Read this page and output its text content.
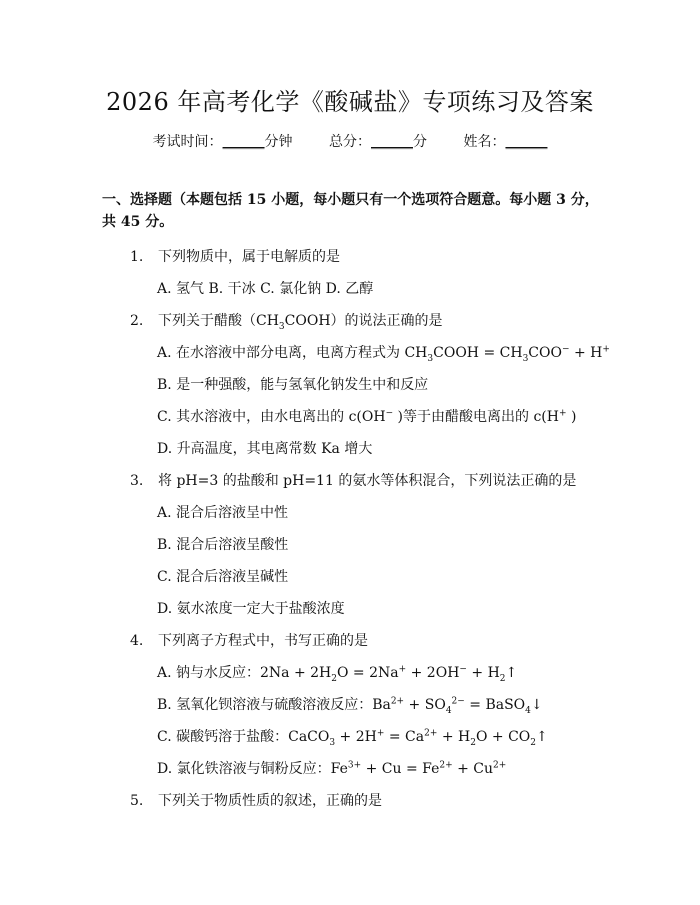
2026 年高考化学《酸碱盐》专项练习及答案
考试时间：______分钟	总分：______分	姓名：______
一、选择题（本题包括 15 小题，每小题只有一个选项符合题意。每小题 3 分，共 45 分。
1. 下列物质中，属于电解质的是
A. 氢气 B. 干冰 C. 氯化钠 D. 乙醇
2. 下列关于醋酸$(CH_3COOH)$的说法正确的是
A. 在水溶液中部分电离，电离方程式为 $CH_3COOH = CH_3COO^- + H^+$
B. 是一种强酸，能与氢氧化钠发生中和反应
C. 其水溶液中，由水电离出的 c(OH− )等于由醋酸电离出的 c(H+ )
D. 升高温度，其电离常数 Ka 增大
3. 将 pH=3 的盐酸和 pH=11 的氨水等体积混合，下列说法正确的是
A. 混合后溶液呈中性
B. 混合后溶液呈酸性
C. 混合后溶液呈碱性
D. 氨水浓度一定大于盐酸浓度
4. 下列离子方程式中，书写正确的是
A. 钠与水反应：$2Na + 2H_2O = 2Na^+ + 2OH^-$ + $H_2↑$
B. 氢氧化钡溶液与硫酸溶液反应：$Ba^{2+} + SO_4^{2-}$ = BaSO$_4$↓
C. 碳酸钙溶于盐酸：CaCO$_3$ + $2H^+ = Ca^{2+} + H_2O$ + $CO_2↑$
D. 氯化铁溶液与铜粉反应：$Fe^{3+} + Cu = Fe^{2+} + Cu^{2+}$
5. 下列关于物质性质的叙述，正确的是
